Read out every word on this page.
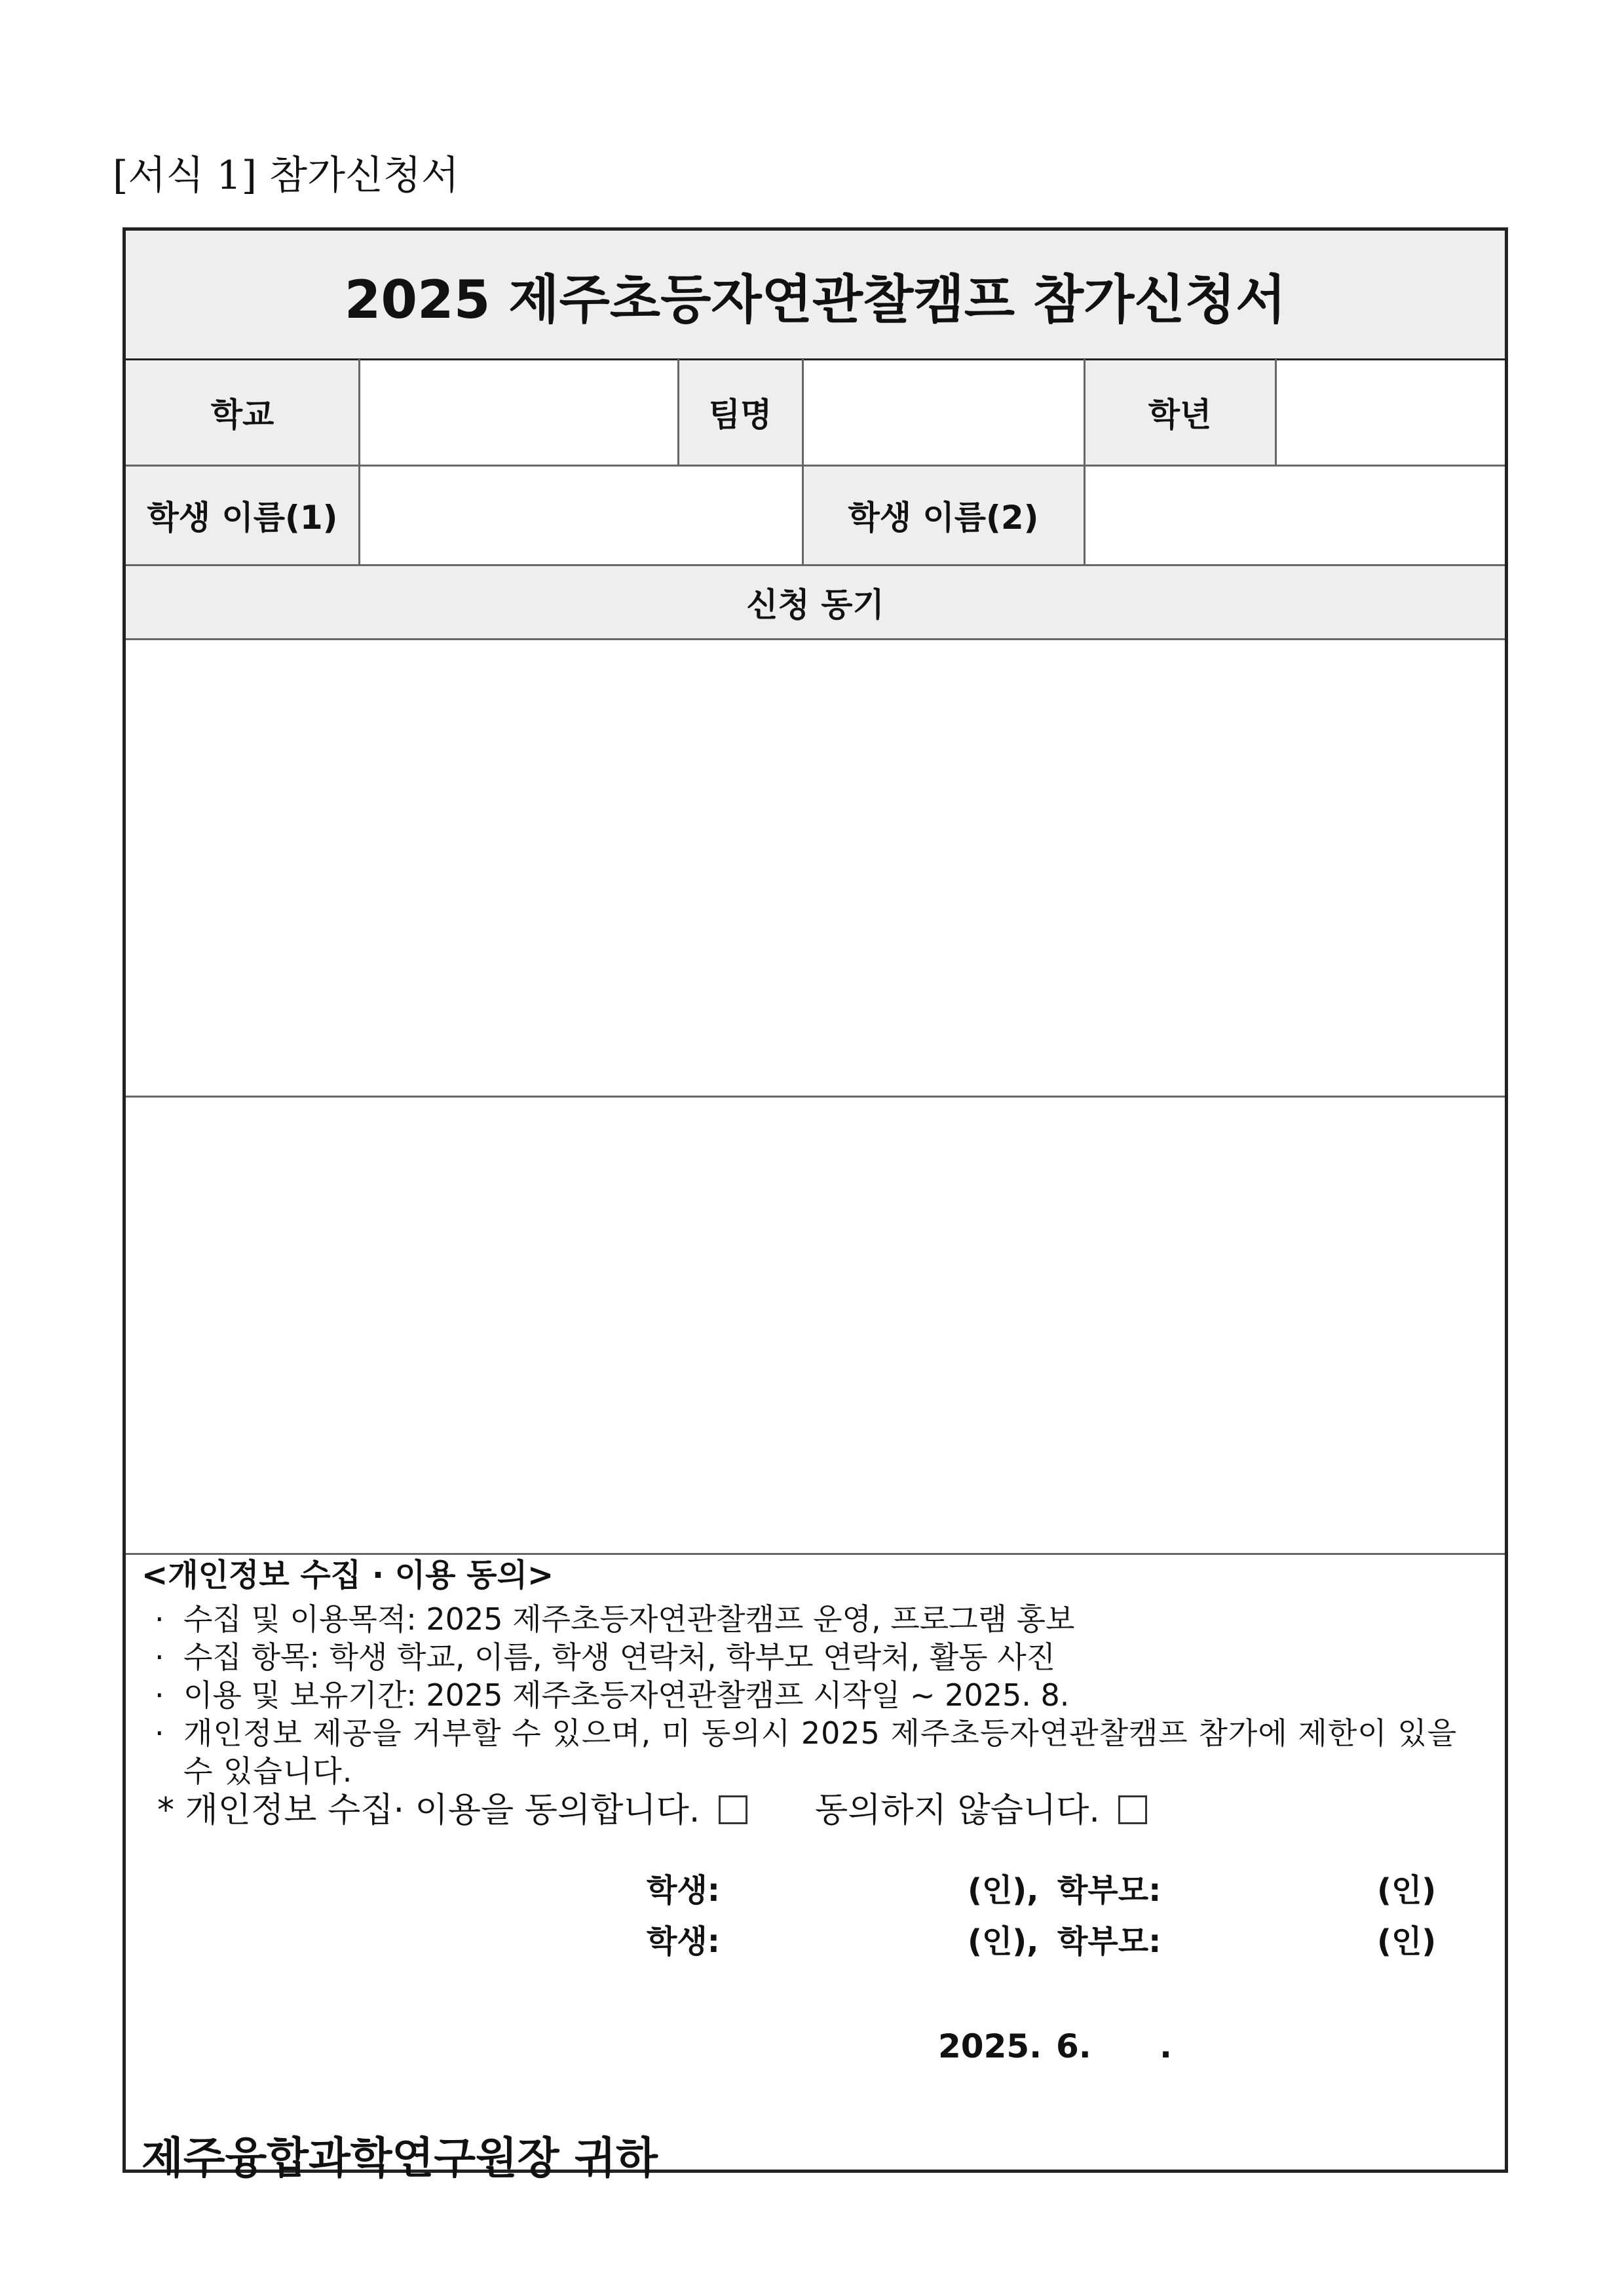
[서식 1] 참가신청서
2025 제주초등자연관찰캠프 참가신청서
학교	팀명	학년
학생 이름(1)	학생 이름(2)
신청 동기
<개인정보 수집 · 이용 동의>
· 수집 및 이용목적: 2025 제주초등자연관찰캠프 운영, 프로그램 홍보
· 수집 항목: 학생 학교, 이름, 학생 연락처, 학부모 연락처, 활동 사진
· 이용 및 보유기간: 2025 제주초등자연관찰캠프 시작일 ~ 2025. 8.
· 개인정보 제공을 거부할 수 있으며, 미 동의시 2025 제주초등자연관찰캠프 참가에 제한이 있을 수 있습니다.
* 개인정보 수집· 이용을 동의합니다.	동의하지 않습니다.
학생:	(인), 학부모:	(인)
학생:	(인), 학부모:	(인)
2025. 6. .
제주융합과학연구원장 귀하
